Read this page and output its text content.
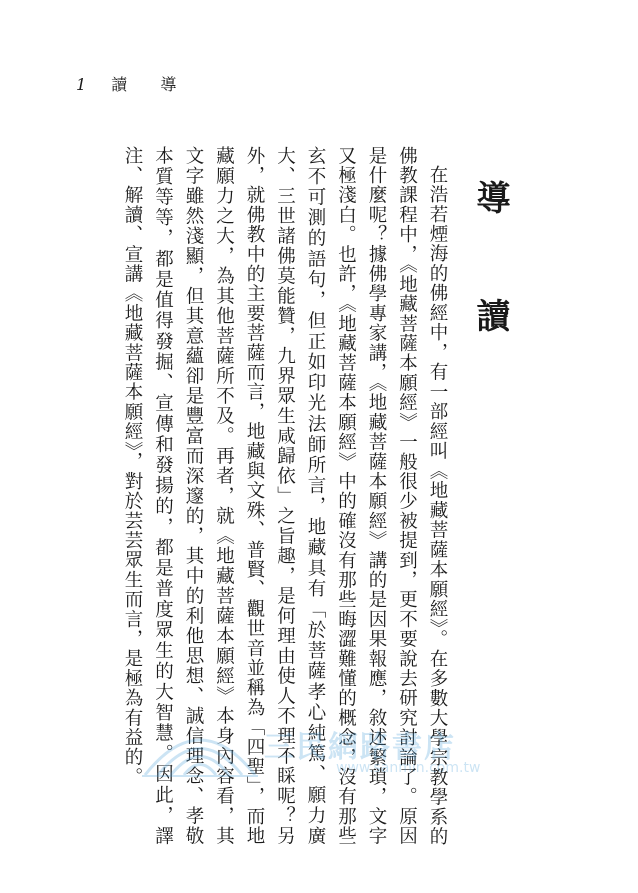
1 讀 導
導 讀

在浩若煙海的佛經中，有一部經叫《地藏菩薩本願經》。在多數大學宗教學系的佛教課程中，《地藏菩薩本願經》一般很少被提到，更不要說去研究討論了。原因是什麼呢？據佛學專家講，《地藏菩薩本願經》講的是因果報應，敘述繁瑣，文字又極淺白。也許，《地藏菩薩本願經》中的確沒有那些晦澀難懂的概念，沒有那些玄不可測的語句，但正如印光法師所言，地藏具有「於菩薩孝心純篤、願力廣大、三世諸佛莫能贊，九界眾生咸歸依」之旨趣，是何理由使人不理不睬呢？另外，就佛教中的主要菩薩而言，地藏與文殊、普賢、觀世音並稱為「四聖」，而地藏願力之大，為其他菩薩所不及。再者，就《地藏菩薩本願經》本身內容看，其文字雖然淺顯，但其意蘊卻是豐富而深邃的，其中的利他思想、誠信理念、孝敬本質等等，都是值得發掘、宣傳和發揚的，都是普度眾生的大智慧。因此，譯注、解讀、宣講《地藏菩薩本願經》，對於芸芸眾生而言，是極為有益的。	三民網路書店
www.sanmin.com.tw
